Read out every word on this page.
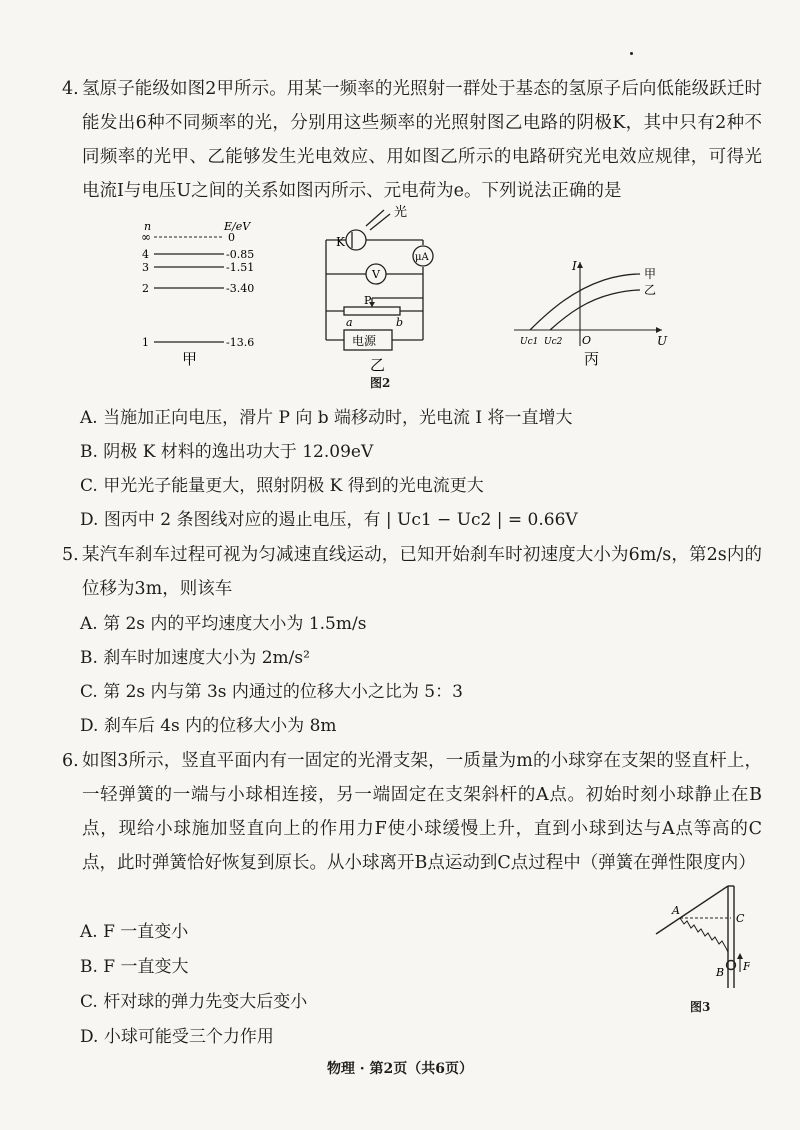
4. 氢原子能级如图2甲所示。用某一频率的光照射一群处于基态的氢原子后向低能级跃迁时能发出6种不同频率的光，分别用这些频率的光照射图乙电路的阴极K，其中只有2种不同频率的光甲、乙能够发生光电效应、用如图乙所示的电路研究光电效应规律，可得光电流I与电压U之间的关系如图丙所示、元电荷为e。下列说法正确的是
n	E/eV
∞	0
4	-0.85
3	-1.51
2	-3.40
1	-13.6
甲
光
K
μA
V
P
a	b
电源
乙
I
U
O
甲
乙
Uc1 Uc2
丙
图2
A. 当施加正向电压，滑片 P 向 b 端移动时，光电流 I 将一直增大
B. 阴极 K 材料的逸出功大于 12.09eV
C. 甲光光子能量更大，照射阴极 K 得到的光电流更大
D. 图丙中 2 条图线对应的遏止电压，有 | Uc1 − Uc2 | = 0.66V
5. 某汽车刹车过程可视为匀减速直线运动，已知开始刹车时初速度大小为6m/s，第2s内的位移为3m，则该车
A. 第 2s 内的平均速度大小为 1.5m/s
B. 刹车时加速度大小为 2m/s²
C. 第 2s 内与第 3s 内通过的位移大小之比为 5：3
D. 刹车后 4s 内的位移大小为 8m
6. 如图3所示，竖直平面内有一固定的光滑支架，一质量为m的小球穿在支架的竖直杆上，一轻弹簧的一端与小球相连接，另一端固定在支架斜杆的A点。初始时刻小球静止在B点，现给小球施加竖直向上的作用力F使小球缓慢上升，直到小球到达与A点等高的C点，此时弹簧恰好恢复到原长。从小球离开B点运动到C点过程中（弹簧在弹性限度内）
A. F 一直变小
B. F 一直变大
C. 杆对球的弹力先变大后变小
D. 小球可能受三个力作用
A
C
B F
图3
物理 · 第2页（共6页）
